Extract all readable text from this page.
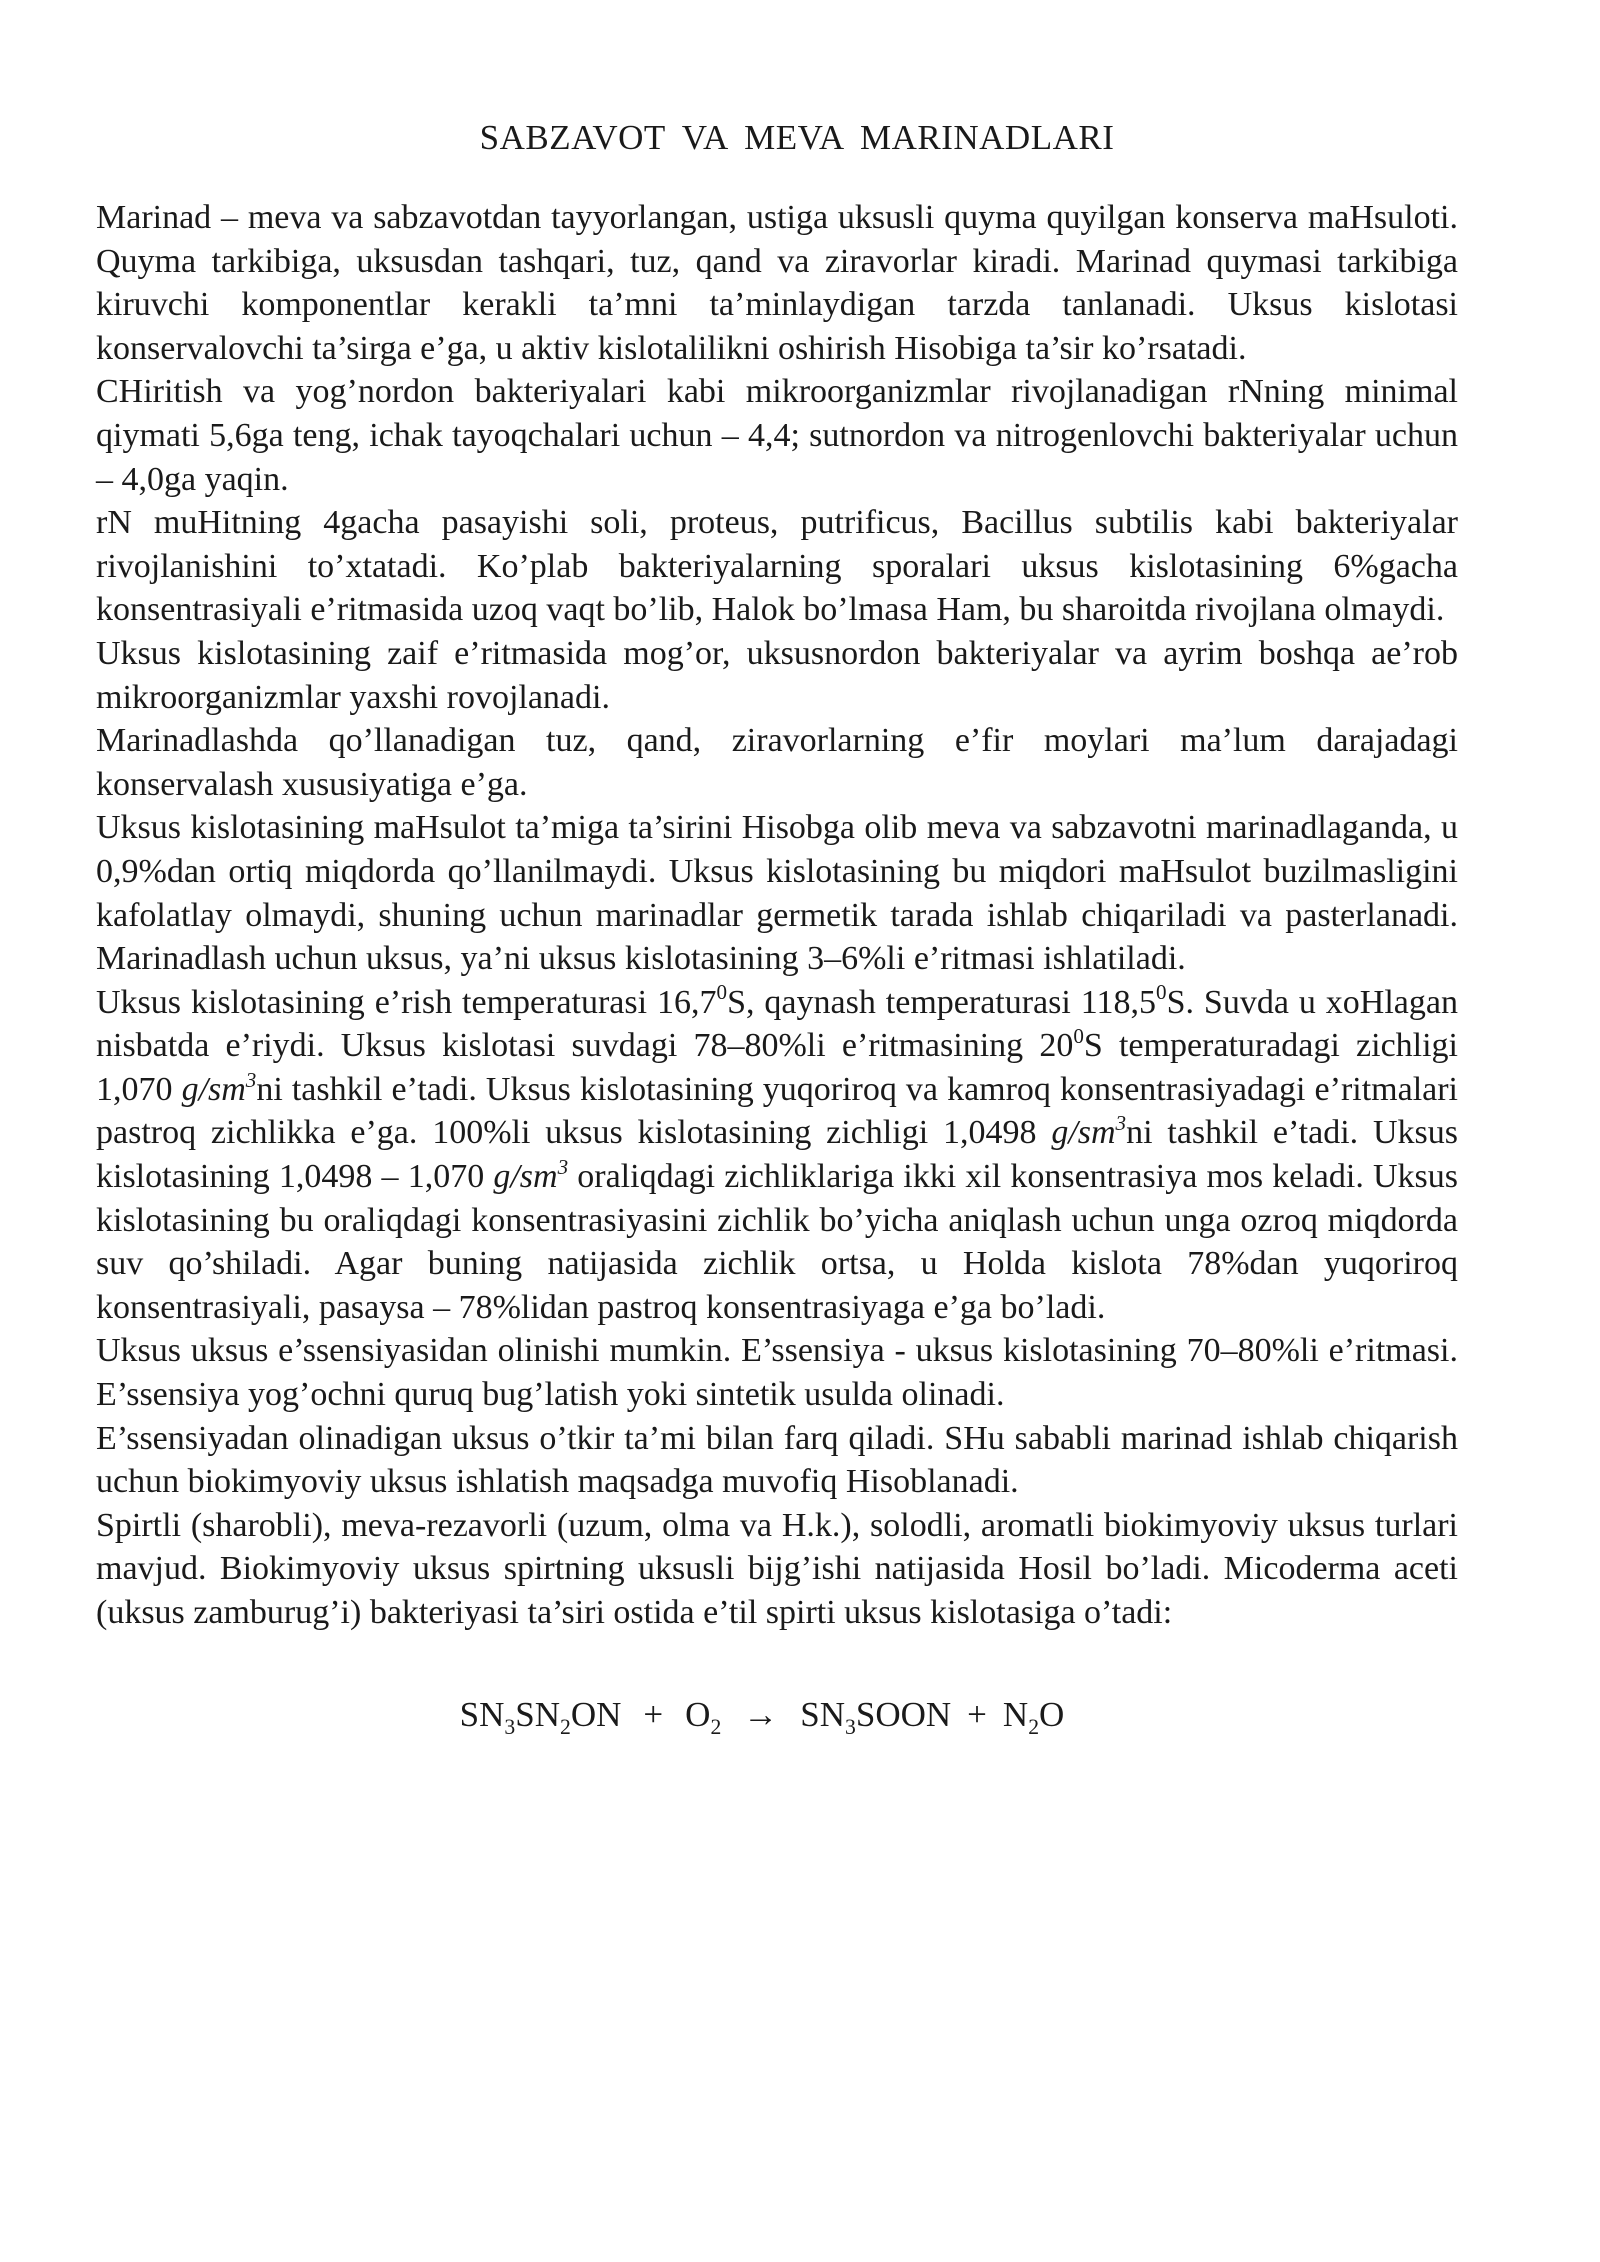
SABZAVOT VA MEVA MARINADLARI

Marinad – meva va sabzavotdan tayyorlangan, ustiga uksusli quyma quyilgan konserva maHsuloti. Quyma tarkibiga, uksusdan tashqari, tuz, qand va ziravorlar kiradi. Marinad quymasi tarkibiga kiruvchi komponentlar kerakli ta’mni ta’minlaydigan tarzda tanlanadi. Uksus kislotasi konservalovchi ta’sirga e’ga, u aktiv kislotalilikni oshirish Hisobiga ta’sir ko’rsatadi.

CHiritish va yog’nordon bakteriyalari kabi mikroorganizmlar rivojlanadigan rNning minimal qiymati 5,6ga teng, ichak tayoqchalari uchun – 4,4; sutnordon va nitrogenlovchi bakteriyalar uchun – 4,0ga yaqin.

rN muHitning 4gacha pasayishi soli, proteus, putrificus, Bacillus subtilis kabi bakteriyalar rivojlanishini to’xtatadi. Ko’plab bakteriyalarning sporalari uksus kislotasining 6%gacha konsentrasiyali e’ritmasida uzoq vaqt bo’lib, Halok bo’lmasa Ham, bu sharoitda rivojlana olmaydi.

Uksus kislotasining zaif e’ritmasida mog’or, uksusnordon bakteriyalar va ayrim boshqa ae’rob mikroorganizmlar yaxshi rovojlanadi.

Marinadlashda qo’llanadigan tuz, qand, ziravorlarning e’fir moylari ma’lum darajadagi konservalash xususiyatiga e’ga.

Uksus kislotasining maHsulot ta’miga ta’sirini Hisobga olib meva va sabzavotni marinadlaganda, u 0,9%dan ortiq miqdorda qo’llanilmaydi. Uksus kislotasining bu miqdori maHsulot buzilmasligini kafolatlay olmaydi, shuning uchun marinadlar germetik tarada ishlab chiqariladi va pasterlanadi. Marinadlash uchun uksus, ya’ni uksus kislotasining 3–6%li e’ritmasi ishlatiladi.

Uksus kislotasining e’rish temperaturasi 16,7$^0$S, qaynash temperaturasi 118,5$^0$S. Suvda u xoHlagan nisbatda e’riydi. Uksus kislotasi suvdagi 78–80%li e’ritmasining $20^0S$ temperaturadagi zichligi 1,070 $g/sm^3ni$ tashkil e’tadi. Uksus kislotasining yuqoriroq va kamroq konsentrasiyadagi e’ritmalari pastroq zichlikka e’ga. 100%li uksus kislotasining zichligi 1,0498 $g/sm^3ni$ tashkil e’tadi. Uksus kislotasining 1,0498 – 1,070 $g/sm^3$ oraliqdagi zichliklariga ikki xil konsentrasiya mos keladi. Uksus kislotasining bu oraliqdagi konsentrasiyasini zichlik bo’yicha aniqlash uchun unga ozroq miqdorda suv qo’shiladi. Agar buning natijasida zichlik ortsa, u Holda kislota 78%dan yuqoriroq konsentrasiyali, pasaysa – 78%lidan pastroq konsentrasiyaga e’ga bo’ladi.

Uksus uksus e’ssensiyasidan olinishi mumkin. E’ssensiya - uksus kislotasining 70–80%li e’ritmasi. E’ssensiya yog’ochni quruq bug’latish yoki sintetik usulda olinadi.

E’ssensiyadan olinadigan uksus o’tkir ta’mi bilan farq qiladi. SHu sababli marinad ishlab chiqarish uchun biokimyoviy uksus ishlatish maqsadga muvofiq Hisoblanadi.

Spirtli (sharobli), meva-rezavorli (uzum, olma va H.k.), solodli, aromatli biokimyoviy uksus turlari mavjud. Biokimyoviy uksus spirtning uksusli bijg’ishi natijasida Hosil bo’ladi. Micoderma aceti (uksus zamburug’i) bakteriyasi ta’siri ostida e’til spirti uksus kislotasiga o’tadi:

$SN_3SN_2ON + O_2$ → $SN_3SOON + N_2O$
